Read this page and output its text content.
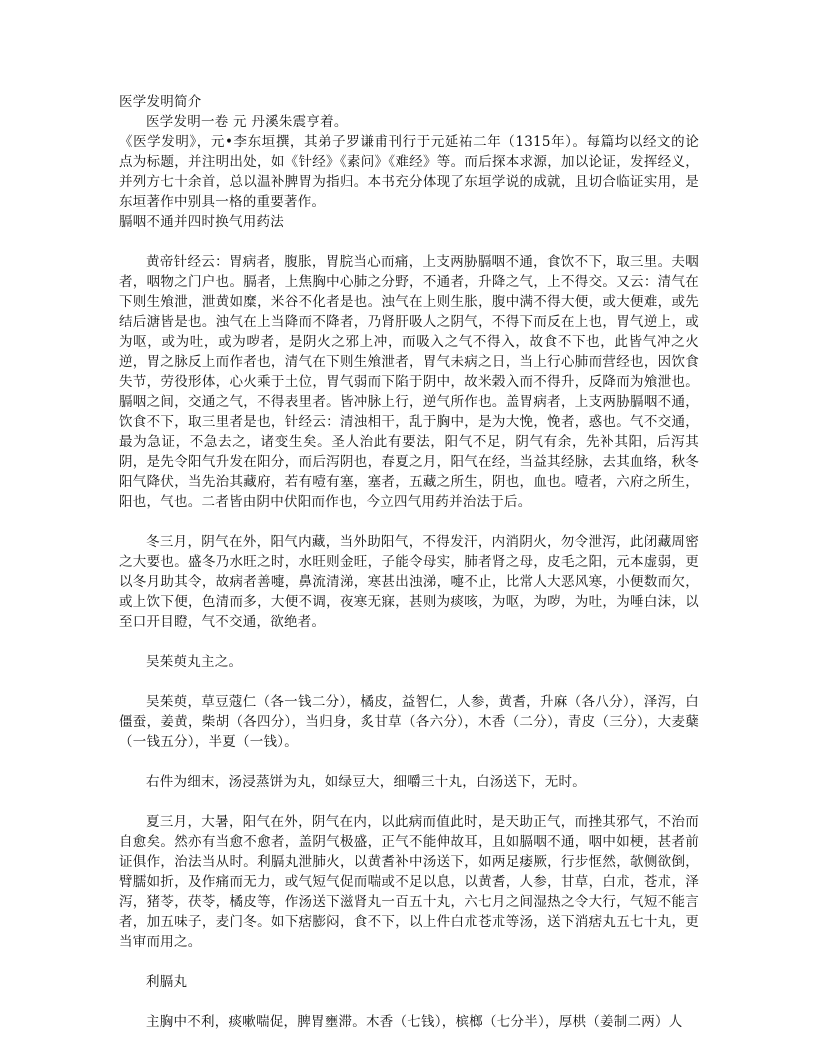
医学发明简介

医学发明一卷 元 丹溪朱震亨着。

《医学发明》，元•李东垣撰，其弟子罗谦甫刊行于元延祐二年（1315年）。每篇均以经文的论点为标题，并注明出处，如《针经》《素问》《难经》等。而后探本求源，加以论证，发挥经义，并列方七十余首，总以温补脾胃为指归。本书充分体现了东垣学说的成就，且切合临证实用，是东垣著作中别具一格的重要著作。

膈咽不通并四时换气用药法

黄帝针经云：胃病者，腹胀，胃脘当心而痛，上支两胁膈咽不通，食饮不下，取三里。夫咽者，咽物之门户也。膈者，上焦胸中心肺之分野，不通者，升降之气，上不得交。又云：清气在下则生飧泄，泄黄如糜，米谷不化者是也。浊气在上则生胀，腹中满不得大便，或大便难，或先结后溏皆是也。浊气在上当降而不降者，乃肾肝吸人之阴气，不得下而反在上也，胃气逆上，或为呕，或为吐，或为哕者，是阴火之邪上冲，而吸入之气不得入，故食不下也，此皆气冲之火逆，胃之脉反上而作者也，清气在下则生飧泄者，胃气未病之日，当上行心肺而营经也，因饮食失节，劳役形体，心火乘于土位，胃气弱而下陷于阴中，故米榖入而不得升，反降而为飧泄也。膈咽之间，交通之气，不得表里者。皆冲脉上行，逆气所作也。盖胃病者，上支两胁膈咽不通，饮食不下，取三里者是也，针经云：清浊相干，乱于胸中，是为大悗，悗者，惑也。气不交通，最为急证，不急去之，诸变生矣。圣人治此有要法，阳气不足，阴气有余，先补其阳，后泻其阴，是先令阳气升发在阳分，而后泻阴也，春夏之月，阳气在经，当益其经脉，去其血络，秋冬阳气降伏，当先治其藏府，若有噎有塞，塞者，五藏之所生，阴也，血也。噎者，六府之所生，阳也，气也。二者皆由阴中伏阳而作也，今立四气用药并治法于后。

冬三月，阴气在外，阳气内藏，当外助阳气，不得发汗，内消阴火，勿令泄泻，此闭藏周密之大要也。盛冬乃水旺之时，水旺则金旺，子能令母实，肺者肾之母，皮毛之阳，元本虚弱，更以冬月助其令，故病者善嚏，鼻流清涕，寒甚出浊涕，嚏不止，比常人大恶风寒，小便数而欠，或上饮下便，色清而多，大便不调，夜寒无寐，甚则为痰咳，为呕，为哕，为吐，为唾白沫，以至口开目瞪，气不交通，欲绝者。

吴茱萸丸主之。

吴茱萸，草豆蔻仁（各一钱二分），橘皮，益智仁，人参，黄耆，升麻（各八分），泽泻，白僵蚕，姜黄，柴胡（各四分），当归身，炙甘草（各六分），木香（二分），青皮（三分），大麦蘖（一钱五分），半夏（一钱）。

右件为细末，汤浸蒸饼为丸，如绿豆大，细嚼三十丸，白汤送下，无时。

夏三月，大暑，阳气在外，阴气在内，以此病而值此时，是天助正气，而挫其邪气，不治而自愈矣。然亦有当愈不愈者，盖阴气极盛，正气不能伸故耳，且如膈咽不通，咽中如梗，甚者前证俱作，治法当从时。利膈丸泄肺火，以黄耆补中汤送下，如两足痿厥，行步恇然，欹侧欲倒，臂臑如折，及作痛而无力，或气短气促而喘或不足以息，以黄耆，人参，甘草，白朮，苍朮，泽泻，猪苓，茯苓，橘皮等，作汤送下滋肾丸一百五十丸，六七月之间湿热之令大行，气短不能言者，加五味子，麦门冬。如下痞膨闷，食不下，以上件白朮苍朮等汤，送下消痞丸五七十丸，更当审而用之。

利膈丸

主胸中不利，痰嗽喘促，脾胃壅滞。木香（七钱），槟榔（七分半），厚栱（姜制二两）人
